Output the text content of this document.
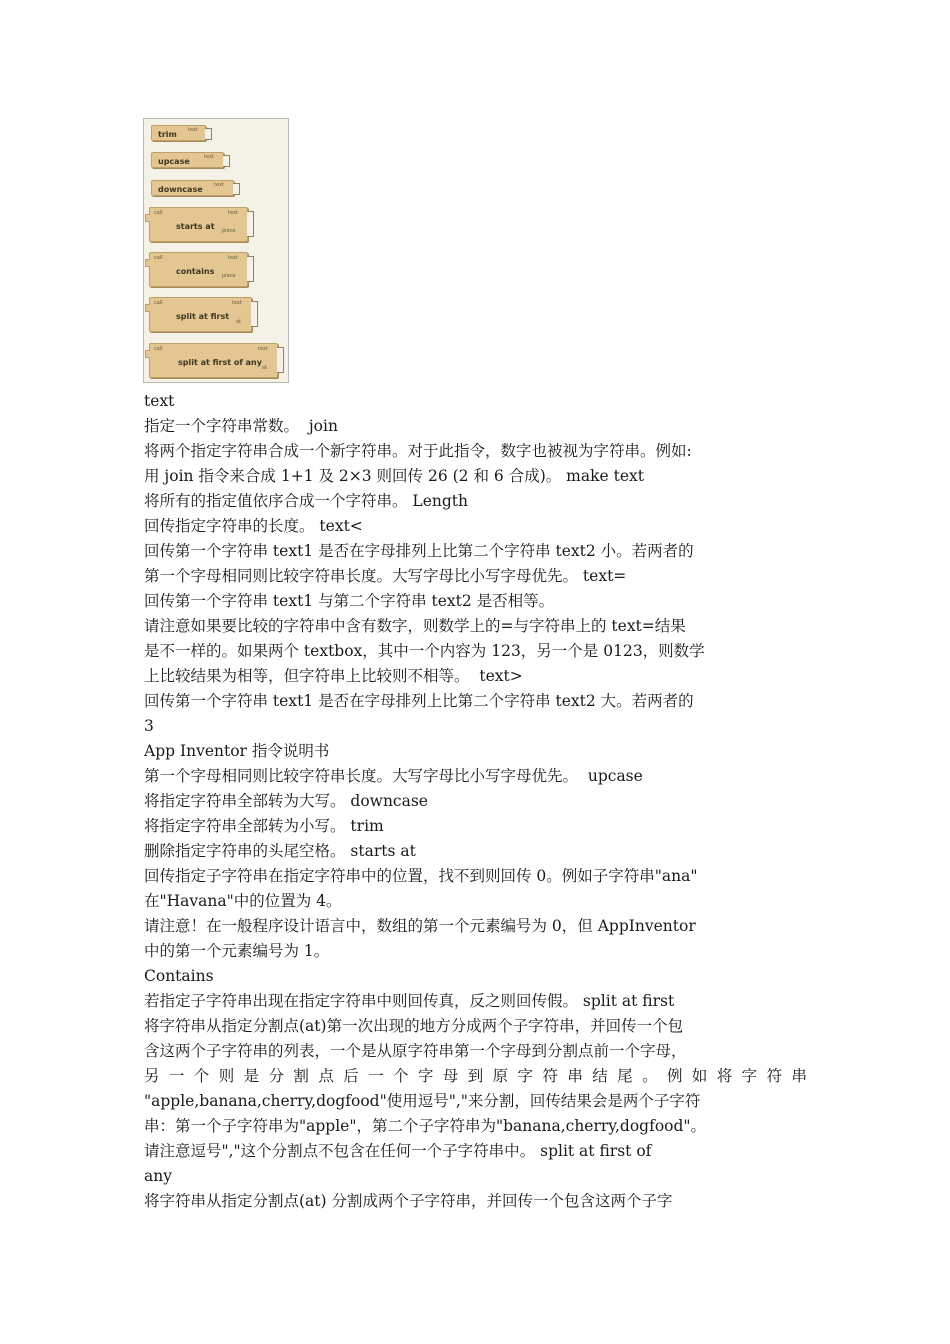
trim text
upcase	text
downcase text
call
starts at
text
piece
call
contains
text
piece
call
split at first
text
at
call
split at first of any
text
at
text
指定一个字符串常数。  join
将两个指定字符串合成一个新字符串。对于此指令，数字也被视为字符串。例如:
用 join 指令来合成 1+1 及 2×3 则回传 26 (2 和 6 合成)。 make text
将所有的指定值依序合成一个字符串。 Length
回传指定字符串的长度。 text<
回传第一个字符串 text1 是否在字母排列上比第二个字符串 text2 小。若两者的
第一个字母相同则比较字符串长度。大写字母比小写字母优先。 text=
回传第一个字符串 text1 与第二个字符串 text2 是否相等。
请注意如果要比较的字符串中含有数字，则数学上的=与字符串上的 text=结果
是不一样的。如果两个 textbox，其中一个内容为 123，另一个是 0123，则数学
上比较结果为相等，但字符串上比较则不相等。  text>
回传第一个字符串 text1 是否在字母排列上比第二个字符串 text2 大。若两者的
3
App Inventor 指令说明书
第一个字母相同则比较字符串长度。大写字母比小写字母优先。  upcase
将指定字符串全部转为大写。 downcase
将指定字符串全部转为小写。 trim
删除指定字符串的头尾空格。 starts at
回传指定子字符串在指定字符串中的位置，找不到则回传 0。例如子字符串"ana"
在"Havana"中的位置为 4。
请注意！在一般程序设计语言中，数组的第一个元素编号为 0，但 AppInventor
中的第一个元素编号为 1。
Contains
若指定子字符串出现在指定字符串中则回传真，反之则回传假。 split at first
将字符串从指定分割点(at)第一次出现的地方分成两个子字符串，并回传一个包
含这两个子字符串的列表，一个是从原字符串第一个字母到分割点前一个字母，
另 一 个 则 是 分 割 点 后 一 个 字 母 到 原 字 符 串 结 尾 。 例 如 将 字 符 串
"apple,banana,cherry,dogfood"使用逗号","来分割，回传结果会是两个子字符
串：第一个子字符串为"apple"，第二个子字符串为"banana,cherry,dogfood"。
请注意逗号","这个分割点不包含在任何一个子字符串中。 split at first of
any
将字符串从指定分割点(at) 分割成两个子字符串，并回传一个包含这两个子字
